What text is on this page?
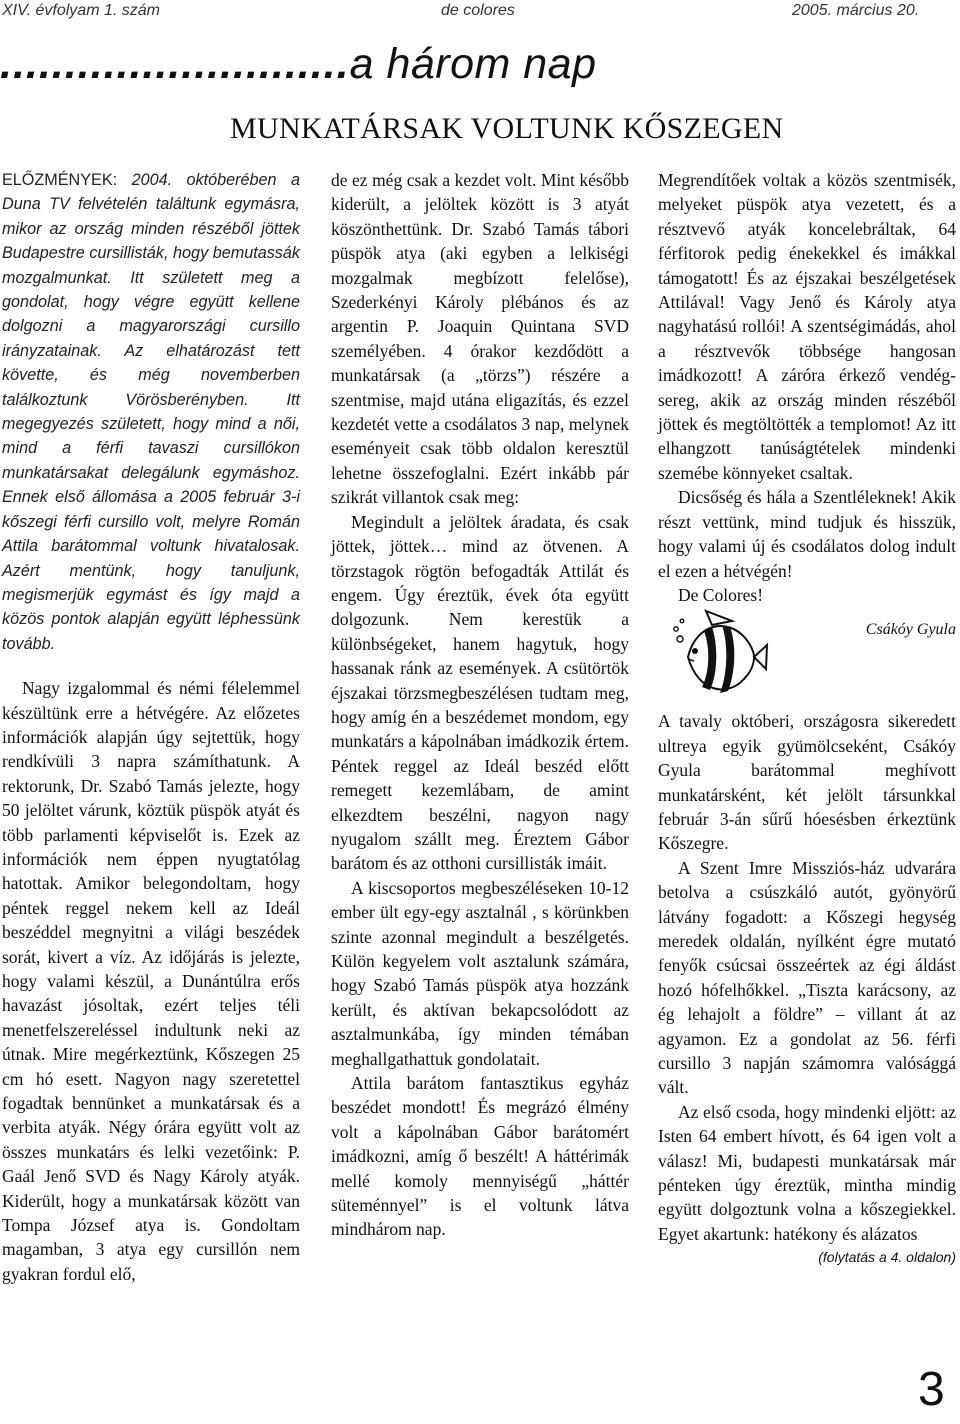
XIV. évfolyam 1. szám	de colores	2005. március 20.
...........................a három nap
MUNKATÁRSAK VOLTUNK KŐSZEGEN

ELŐZMÉNYEK: 2004. októberében a Duna TV felvételén találtunk egymásra, mikor az ország minden részéből jöttek Budapestre cursillisták, hogy bemutassák mozgalmunkat. Itt született meg a gondolat, hogy végre együtt kellene dolgozni a magyarországi cursillo irányzatainak. Az elhatározást tett követte, és még novemberben találkoztunk Vörösberényben. Itt megegyezés született, hogy mind a női, mind a férfi tavaszi cursillókon munkatársakat delegálunk egymáshoz. Ennek első állomása a 2005 február 3-i kőszegi férfi cursillo volt, melyre Román Attila barátommal voltunk hivatalosak. Azért mentünk, hogy tanuljunk, megismerjük egymást és így majd a közös pontok alapján együtt léphessünk tovább.

Nagy izgalommal és némi félelemmel készültünk erre a hétvégére. Az előzetes információk alapján úgy sejtettük, hogy rendkívüli 3 napra számíthatunk. A rektorunk, Dr. Szabó Tamás jelezte, hogy 50 jelöltet várunk, köztük püspök atyát és több parlamenti képviselőt is. Ezek az információk nem éppen nyugtatólag hatottak. Amikor belegondoltam, hogy péntek reggel nekem kell az Ideál beszéddel megnyitni a világi beszédek sorát, kivert a víz. Az időjárás is jelezte, hogy valami készül, a Dunántúlra erős havazást jósoltak, ezért teljes téli menetfelszereléssel indultunk neki az útnak. Mire megérkeztünk, Kőszegen 25 cm hó esett. Nagyon nagy szeretettel fogadtak bennünket a munkatársak és a verbita atyák. Négy órára együtt volt az összes munkatárs és lelki vezetőink: P. Gaál Jenő SVD és Nagy Károly atyák. Kiderült, hogy a munkatársak között van Tompa József atya is. Gondoltam magamban, 3 atya egy cursillón nem gyakran fordul elő,

de ez még csak a kezdet volt. Mint később kiderült, a jelöltek között is 3 atyát köszönthettünk. Dr. Szabó Tamás tábori püspök atya (aki egyben a lelkiségi mozgalmak megbízott felelőse), Szederkényi Károly plébános és az argentin P. Joaquin Quintana SVD személyében. 4 órakor kezdődött a munkatársak (a „törzs”) részére a szentmise, majd utána eligazítás, és ezzel kezdetét vette a csodálatos 3 nap, melynek eseményeit csak több oldalon keresztül lehetne összefoglalni. Ezért inkább pár szikrát villantok csak meg:

Megindult a jelöltek áradata, és csak jöttek, jöttek… mind az ötvenen. A törzstagok rögtön befogadták Attilát és engem. Úgy éreztük, évek óta együtt dolgozunk. Nem kerestük a különbségeket, hanem hagytuk, hogy hassanak ránk az események. A csütörtök éjszakai törzsmegbeszélésen tudtam meg, hogy amíg én a beszédemet mondom, egy munkatárs a kápolnában imádkozik értem. Péntek reggel az Ideál beszéd előtt remegett kezemlábam, de amint elkezdtem beszélni, nagyon nagy nyugalom szállt meg. Éreztem Gábor barátom és az otthoni cursillisták imáit.

A kiscsoportos megbeszéléseken 10-12 ember ült egy-egy asztalnál , s körünkben szinte azonnal megindult a beszélgetés. Külön kegyelem volt asztalunk számára, hogy Szabó Tamás püspök atya hozzánk került, és aktívan bekapcsolódott az asztalmunkába, így minden témában meghallgathattuk gondolatait.

Attila barátom fantasztikus egyház beszédet mondott! És megrázó élmény volt a kápolnában Gábor barátomért imádkozni, amíg ő beszélt! A háttérimák mellé komoly mennyiségű „háttér süteménnyel” is el voltunk látva mindhárom nap.

Megrendítőek voltak a közös szentmisék, melyeket püspök atya vezetett, és a résztvevő atyák koncelebráltak, 64 férfitorok pedig énekekkel és imákkal támogatott! És az éjszakai beszélgetések Attilával! Vagy Jenő és Károly atya nagyhatású rollói! A szentségimádás, ahol a résztvevők többsége hangosan imádkozott! A záróra érkező vendég-sereg, akik az ország minden részéből jöttek és megtöltötték a templomot! Az itt elhangzott tanúságtételek mindenki szemébe könnyeket csaltak.

Dicsőség és hála a Szentléleknek! Akik részt vettünk, mind tudjuk és hisszük, hogy valami új és csodálatos dolog indult el ezen a hétvégén!

De Colores!

Csákóy Gyula

A tavaly októberi, országosra sikeredett ultreya egyik gyümölcseként, Csákóy Gyula barátommal meghívott munkatársként, két jelölt társunkkal február 3-án sűrű hóesésben érkeztünk Kőszegre.

A Szent Imre Missziós-ház udvarára betolva a csúszkáló autót, gyönyörű látvány fogadott: a Kőszegi hegység meredek oldalán, nyílként égre mutató fenyők csúcsai összeértek az égi áldást hozó hófelhőkkel. „Tiszta karácsony, az ég lehajolt a földre” – villant át az agyamon. Ez a gondolat az 56. férfi cursillo 3 napján számomra valósággá vált.

Az első csoda, hogy mindenki eljött: az Isten 64 embert hívott, és 64 igen volt a válasz! Mi, budapesti munkatársak már pénteken úgy éreztük, mintha mindig együtt dolgoztunk volna a kőszegiekkel. Egyet akartunk: hatékony és alázatos

(folytatás a 4. oldalon)
3
